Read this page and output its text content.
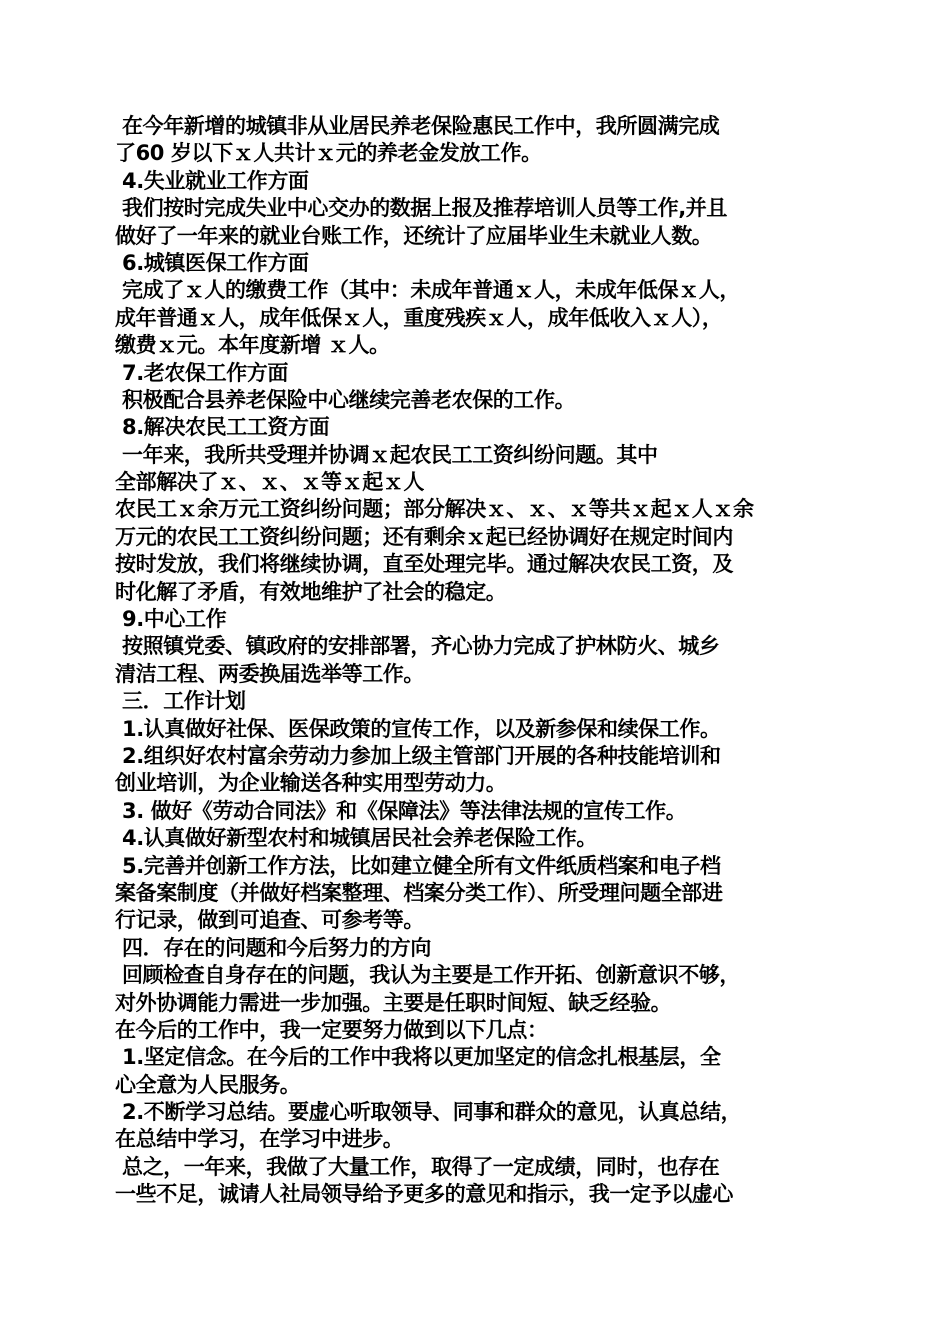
在今年新增的城镇非从业居民养老保险惠民工作中，我所圆满完成
了60 岁以下ｘ人共计ｘ元的养老金发放工作。
4.失业就业工作方面
我们按时完成失业中心交办的数据上报及推荐培训人员等工作,并且
做好了一年来的就业台账工作，还统计了应届毕业生未就业人数。
6.城镇医保工作方面
完成了ｘ人的缴费工作（其中：未成年普通ｘ人，未成年低保ｘ人，
成年普通ｘ人，成年低保ｘ人，重度残疾ｘ人，成年低收入ｘ人），
缴费ｘ元。本年度新增 ｘ人。
7.老农保工作方面
积极配合县养老保险中心继续完善老农保的工作。
8.解决农民工工资方面
一年来，我所共受理并协调ｘ起农民工工资纠纷问题。其中
全部解决了ｘ、ｘ、ｘ等ｘ起ｘ人
农民工ｘ余万元工资纠纷问题；部分解决ｘ、ｘ、ｘ等共ｘ起ｘ人ｘ余
万元的农民工工资纠纷问题；还有剩余ｘ起已经协调好在规定时间内
按时发放，我们将继续协调，直至处理完毕。通过解决农民工资，及
时化解了矛盾，有效地维护了社会的稳定。
9.中心工作
按照镇党委、镇政府的安排部署，齐心协力完成了护林防火、城乡
清洁工程、两委换届选举等工作。
三．工作计划
1.认真做好社保、医保政策的宣传工作，以及新参保和续保工作。
2.组织好农村富余劳动力参加上级主管部门开展的各种技能培训和
创业培训，为企业输送各种实用型劳动力。
3. 做好《劳动合同法》和《保障法》等法律法规的宣传工作。
4.认真做好新型农村和城镇居民社会养老保险工作。
5.完善并创新工作方法，比如建立健全所有文件纸质档案和电子档
案备案制度（并做好档案整理、档案分类工作）、所受理问题全部进
行记录，做到可追查、可参考等。
四．存在的问题和今后努力的方向
回顾检查自身存在的问题，我认为主要是工作开拓、创新意识不够，
对外协调能力需进一步加强。主要是任职时间短、缺乏经验。
在今后的工作中，我一定要努力做到以下几点：
1.坚定信念。在今后的工作中我将以更加坚定的信念扎根基层，全
心全意为人民服务。
2.不断学习总结。要虚心听取领导、同事和群众的意见，认真总结，
在总结中学习，在学习中进步。
总之，一年来，我做了大量工作，取得了一定成绩，同时，也存在
一些不足，诚请人社局领导给予更多的意见和指示，我一定予以虚心
